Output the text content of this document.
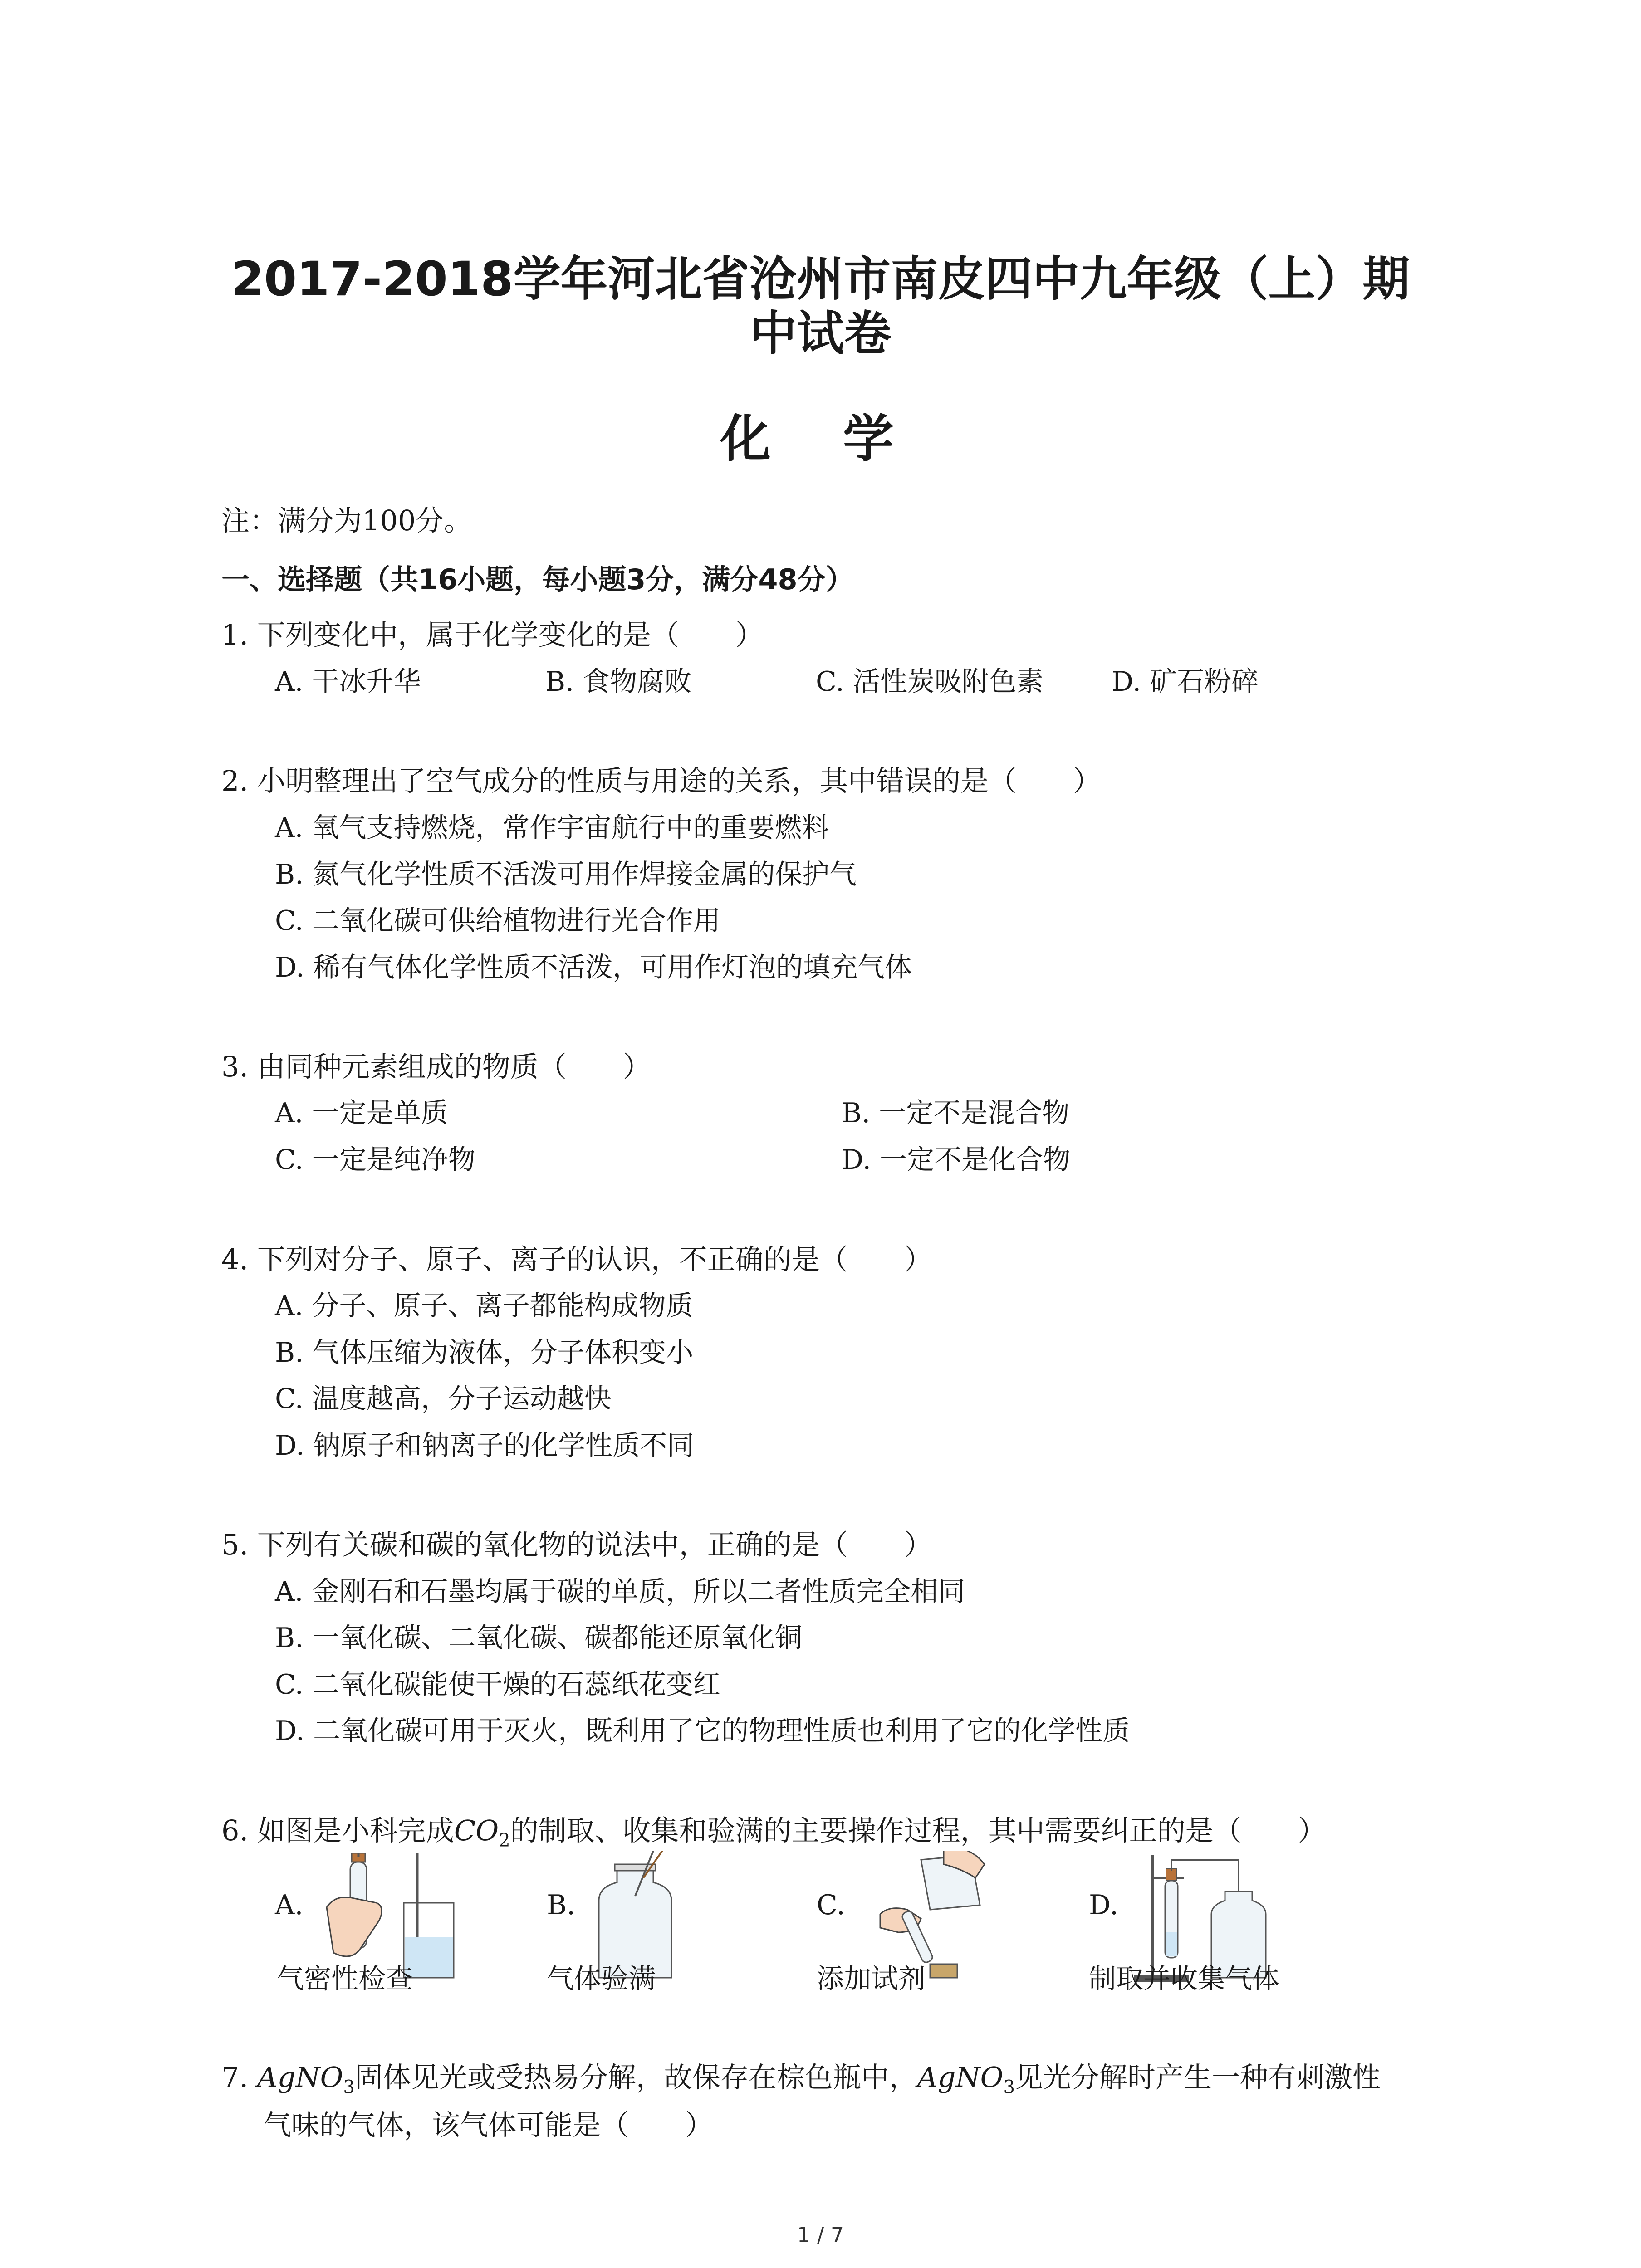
2017-2018学年河北省沧州市南皮四中九年级（上）期
中试卷
化 学
注：满分为100分。
一、选择题（共16小题，每小题3分，满分48分）
1. 下列变化中，属于化学变化的是（　　）
A. 干冰升华	B. 食物腐败	C. 活性炭吸附色素	D. 矿石粉碎
2. 小明整理出了空气成分的性质与用途的关系，其中错误的是（　　）
A. 氧气支持燃烧，常作宇宙航行中的重要燃料
B. 氮气化学性质不活泼可用作焊接金属的保护气
C. 二氧化碳可供给植物进行光合作用
D. 稀有气体化学性质不活泼，可用作灯泡的填充气体
3. 由同种元素组成的物质（　　）
A. 一定是单质	B. 一定不是混合物
C. 一定是纯净物	D. 一定不是化合物
4. 下列对分子、原子、离子的认识，不正确的是（　　）
A. 分子、原子、离子都能构成物质
B. 气体压缩为液体，分子体积变小
C. 温度越高，分子运动越快
D. 钠原子和钠离子的化学性质不同
5. 下列有关碳和碳的氧化物的说法中，正确的是（　　）
A. 金刚石和石墨均属于碳的单质，所以二者性质完全相同
B. 一氧化碳、二氧化碳、碳都能还原氧化铜
C. 二氧化碳能使干燥的石蕊纸花变红
D. 二氧化碳可用于灭火，既利用了它的物理性质也利用了它的化学性质
6. 如图是小科完成$CO_2$的制取、收集和验满的主要操作过程，其中需要纠正的是（　　）
A.	B.	C.	D.
气密性检查	气体验满	添加试剂	制取并收集气体
7. AgNO$_3$固体见光或受热易分解，故保存在棕色瓶中，AgNO$_3$见光分解时产生一种有刺激性
气味的气体，该气体可能是（　　）
1 / 7
